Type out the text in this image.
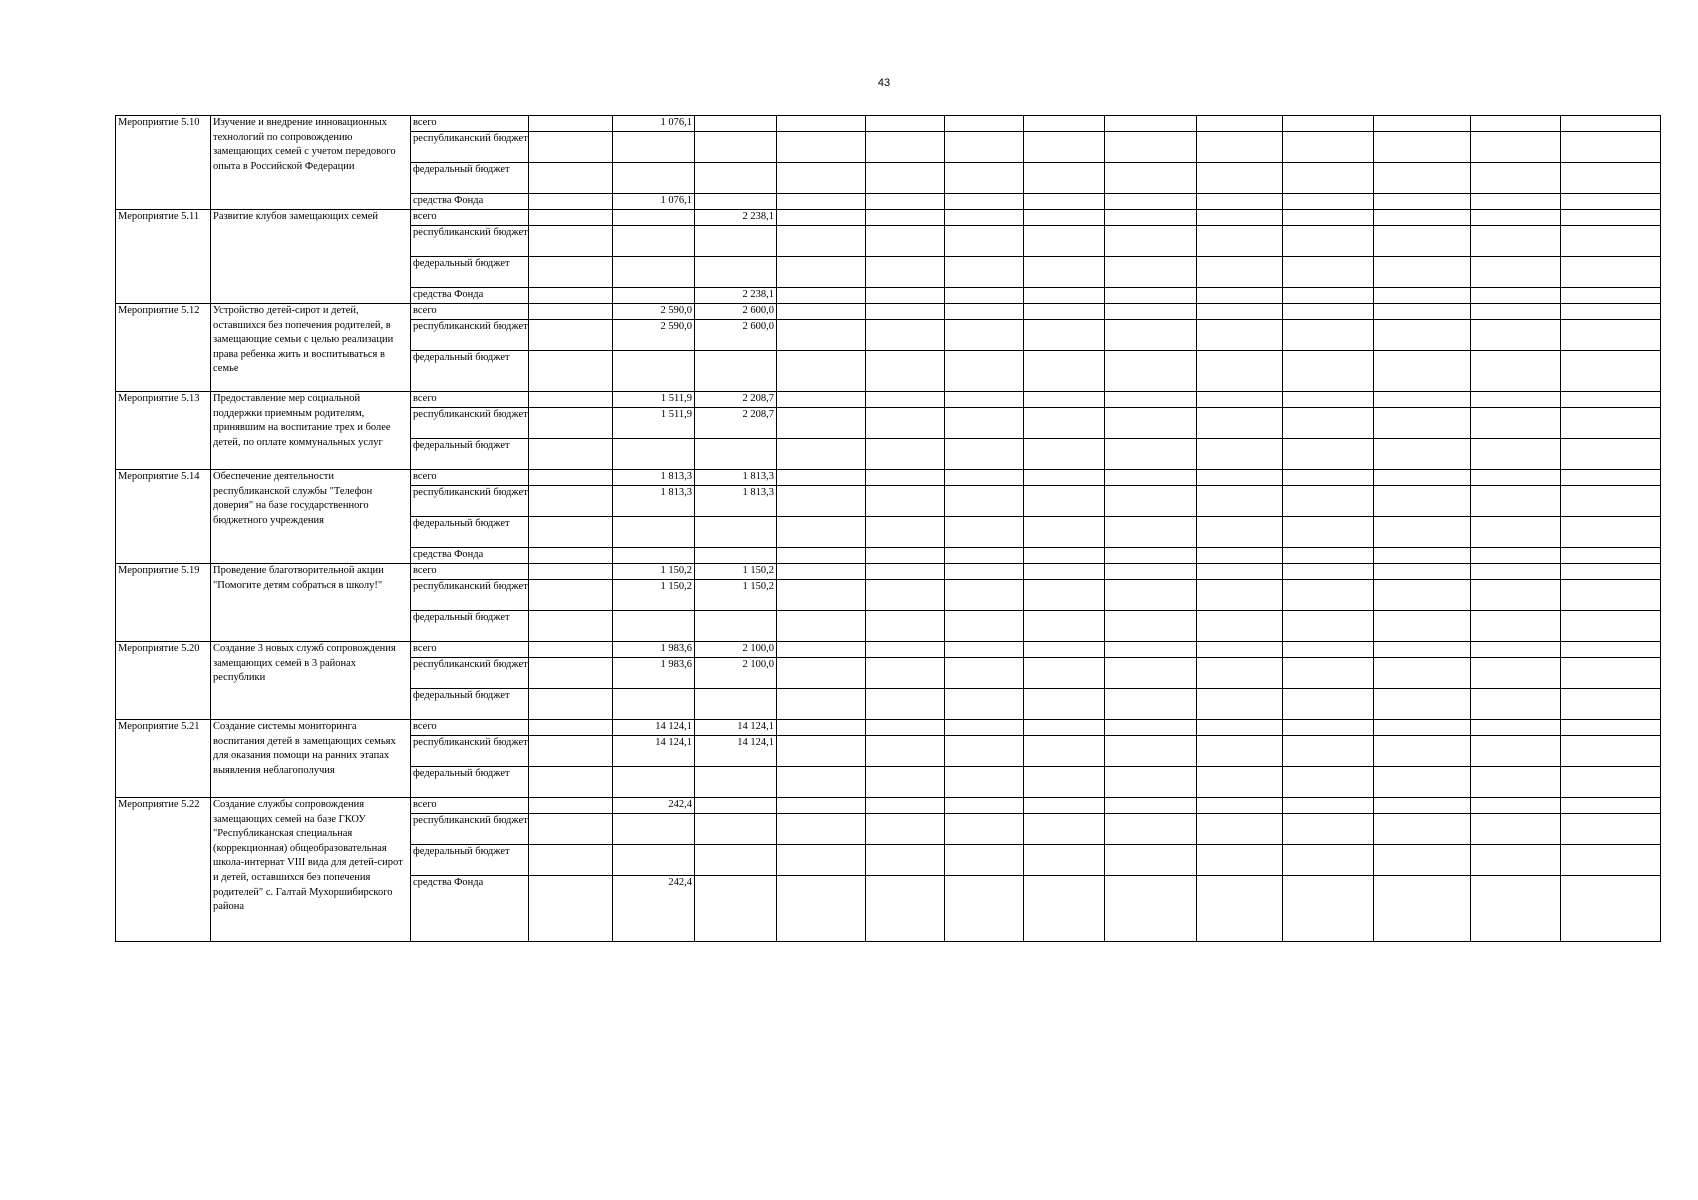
43
Мероприятие 5.10	Изучение и внедрение инновационных технологий по сопровождению замещающих семей с учетом передового опыта в Российской Федерации	всего		1 076,1											
		республиканский бюджет													
		федеральный бюджет													
		средства Фонда		1 076,1											
Мероприятие 5.11	Развитие клубов замещающих семей	всего			2 238,1										
		республиканский бюджет													
		федеральный бюджет													
		средства Фонда			2 238,1										
Мероприятие 5.12	Устройство детей-сирот и детей, оставшихся без попечения родителей, в замещающие семьи с целью реализации права ребенка жить и воспитываться в семье	всего		2 590,0	2 600,0										
		республиканский бюджет		2 590,0	2 600,0										
		федеральный бюджет													
Мероприятие 5.13	Предоставление мер социальной поддержки приемным родителям, принявшим на воспитание трех и более детей, по оплате коммунальных услуг	всего		1 511,9	2 208,7										
		республиканский бюджет		1 511,9	2 208,7										
		федеральный бюджет													
Мероприятие 5.14	Обеспечение деятельности республиканской службы "Телефон доверия" на базе государственного бюджетного учреждения	всего		1 813,3	1 813,3										
		республиканский бюджет		1 813,3	1 813,3										
		федеральный бюджет													
		средства Фонда													
Мероприятие 5.19	Проведение благотворительной акции "Помогите детям собраться в школу!"	всего		1 150,2	1 150,2										
		республиканский бюджет		1 150,2	1 150,2										
		федеральный бюджет													
Мероприятие 5.20	Создание 3 новых служб сопровождения замещающих семей в 3 районах республики	всего		1 983,6	2 100,0										
		республиканский бюджет		1 983,6	2 100,0										
		федеральный бюджет													
Мероприятие 5.21	Создание системы мониторинга воспитания детей в замещающих семьях для оказания помощи на ранних этапах выявления неблагополучия	всего		14 124,1	14 124,1										
		республиканский бюджет		14 124,1	14 124,1										
		федеральный бюджет													
Мероприятие 5.22	Создание службы сопровождения замещающих семей на базе ГКОУ "Республиканская специальная (коррекционная) общеобразовательная школа-интернат VIII вида для детей-сирот и детей, оставшихся без попечения родителей" с. Галтай Мухоршибирского района	всего		242,4											
		республиканский бюджет													
		федеральный бюджет													
		средства Фонда		242,4											
